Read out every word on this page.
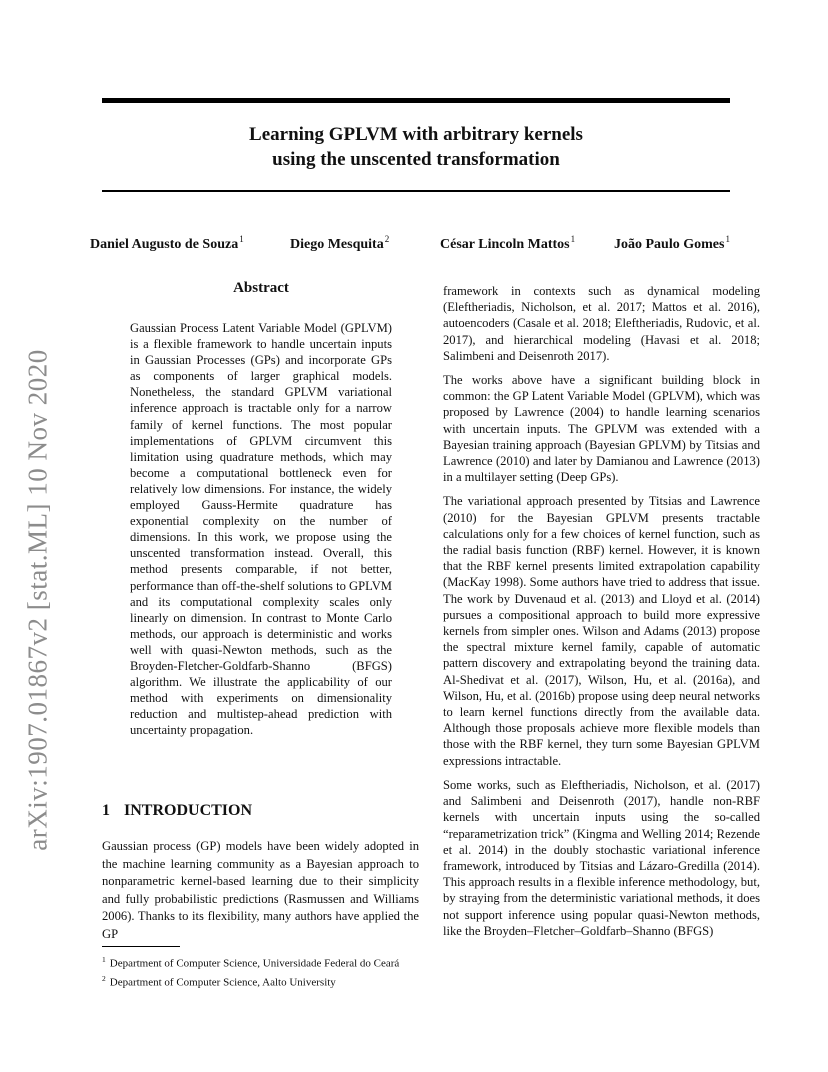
Learning GPLVM with arbitrary kernels
using the unscented transformation
Daniel Augusto de Souza$^1$	Diego Mesquita$^2$	César Lincoln Mattos$^1$	João Paulo Gomes$^1$
arXiv:1907.01867v2 [stat.ML] 10 Nov 2020
Abstract
Gaussian Process Latent Variable Model (GPLVM) is a flexible framework to handle uncertain inputs in Gaussian Processes (GPs) and incorporate GPs as components of larger graphical models. Nonetheless, the standard GPLVM variational inference approach is tractable only for a narrow family of kernel functions. The most popular implementations of GPLVM circumvent this limitation using quadrature methods, which may become a computational bottleneck even for relatively low dimensions. For instance, the widely employed Gauss-Hermite quadrature has exponential complexity on the number of dimensions. In this work, we propose using the unscented transformation instead. Overall, this method presents comparable, if not better, performance than off-the-shelf solutions to GPLVM and its computational complexity scales only linearly on dimension. In contrast to Monte Carlo methods, our approach is deterministic and works well with quasi-Newton methods, such as the Broyden-Fletcher-Goldfarb-Shanno (BFGS) algorithm. We illustrate the applicability of our method with experiments on dimensionality reduction and multistep-ahead prediction with uncertainty propagation.
1 INTRODUCTION
Gaussian process (GP) models have been widely adopted in the machine learning community as a Bayesian approach to nonparametric kernel-based learning due to their simplicity and fully probabilistic predictions (Rasmussen and Williams 2006). Thanks to its flexibility, many authors have applied the GP
$^1$ Department of Computer Science, Universidade Federal do Ceará
$^2$ Department of Computer Science, Aalto University

framework in contexts such as dynamical modeling (Eleftheriadis, Nicholson, et al. 2017; Mattos et al. 2016), autoencoders (Casale et al. 2018; Eleftheriadis, Rudovic, et al. 2017), and hierarchical modeling (Havasi et al. 2018; Salimbeni and Deisenroth 2017).

The works above have a significant building block in common: the GP Latent Variable Model (GPLVM), which was proposed by Lawrence (2004) to handle learning scenarios with uncertain inputs. The GPLVM was extended with a Bayesian training approach (Bayesian GPLVM) by Titsias and Lawrence (2010) and later by Damianou and Lawrence (2013) in a multilayer setting (Deep GPs).

The variational approach presented by Titsias and Lawrence (2010) for the Bayesian GPLVM presents tractable calculations only for a few choices of kernel function, such as the radial basis function (RBF) kernel. However, it is known that the RBF kernel presents limited extrapolation capability (MacKay 1998). Some authors have tried to address that issue. The work by Duvenaud et al. (2013) and Lloyd et al. (2014) pursues a compositional approach to build more expressive kernels from simpler ones. Wilson and Adams (2013) propose the spectral mixture kernel family, capable of automatic pattern discovery and extrapolating beyond the training data. Al-Shedivat et al. (2017), Wilson, Hu, et al. (2016a), and Wilson, Hu, et al. (2016b) propose using deep neural networks to learn kernel functions directly from the available data. Although those proposals achieve more flexible models than those with the RBF kernel, they turn some Bayesian GPLVM expressions intractable.

Some works, such as Eleftheriadis, Nicholson, et al. (2017) and Salimbeni and Deisenroth (2017), handle non-RBF kernels with uncertain inputs using the so-called “reparametrization trick” (Kingma and Welling 2014; Rezende et al. 2014) in the doubly stochastic variational inference framework, introduced by Titsias and Lázaro-Gredilla (2014). This approach results in a flexible inference methodology, but, by straying from the deterministic variational methods, it does not support inference using popular quasi-Newton methods, like the Broyden–Fletcher–Goldfarb–Shanno (BFGS)
